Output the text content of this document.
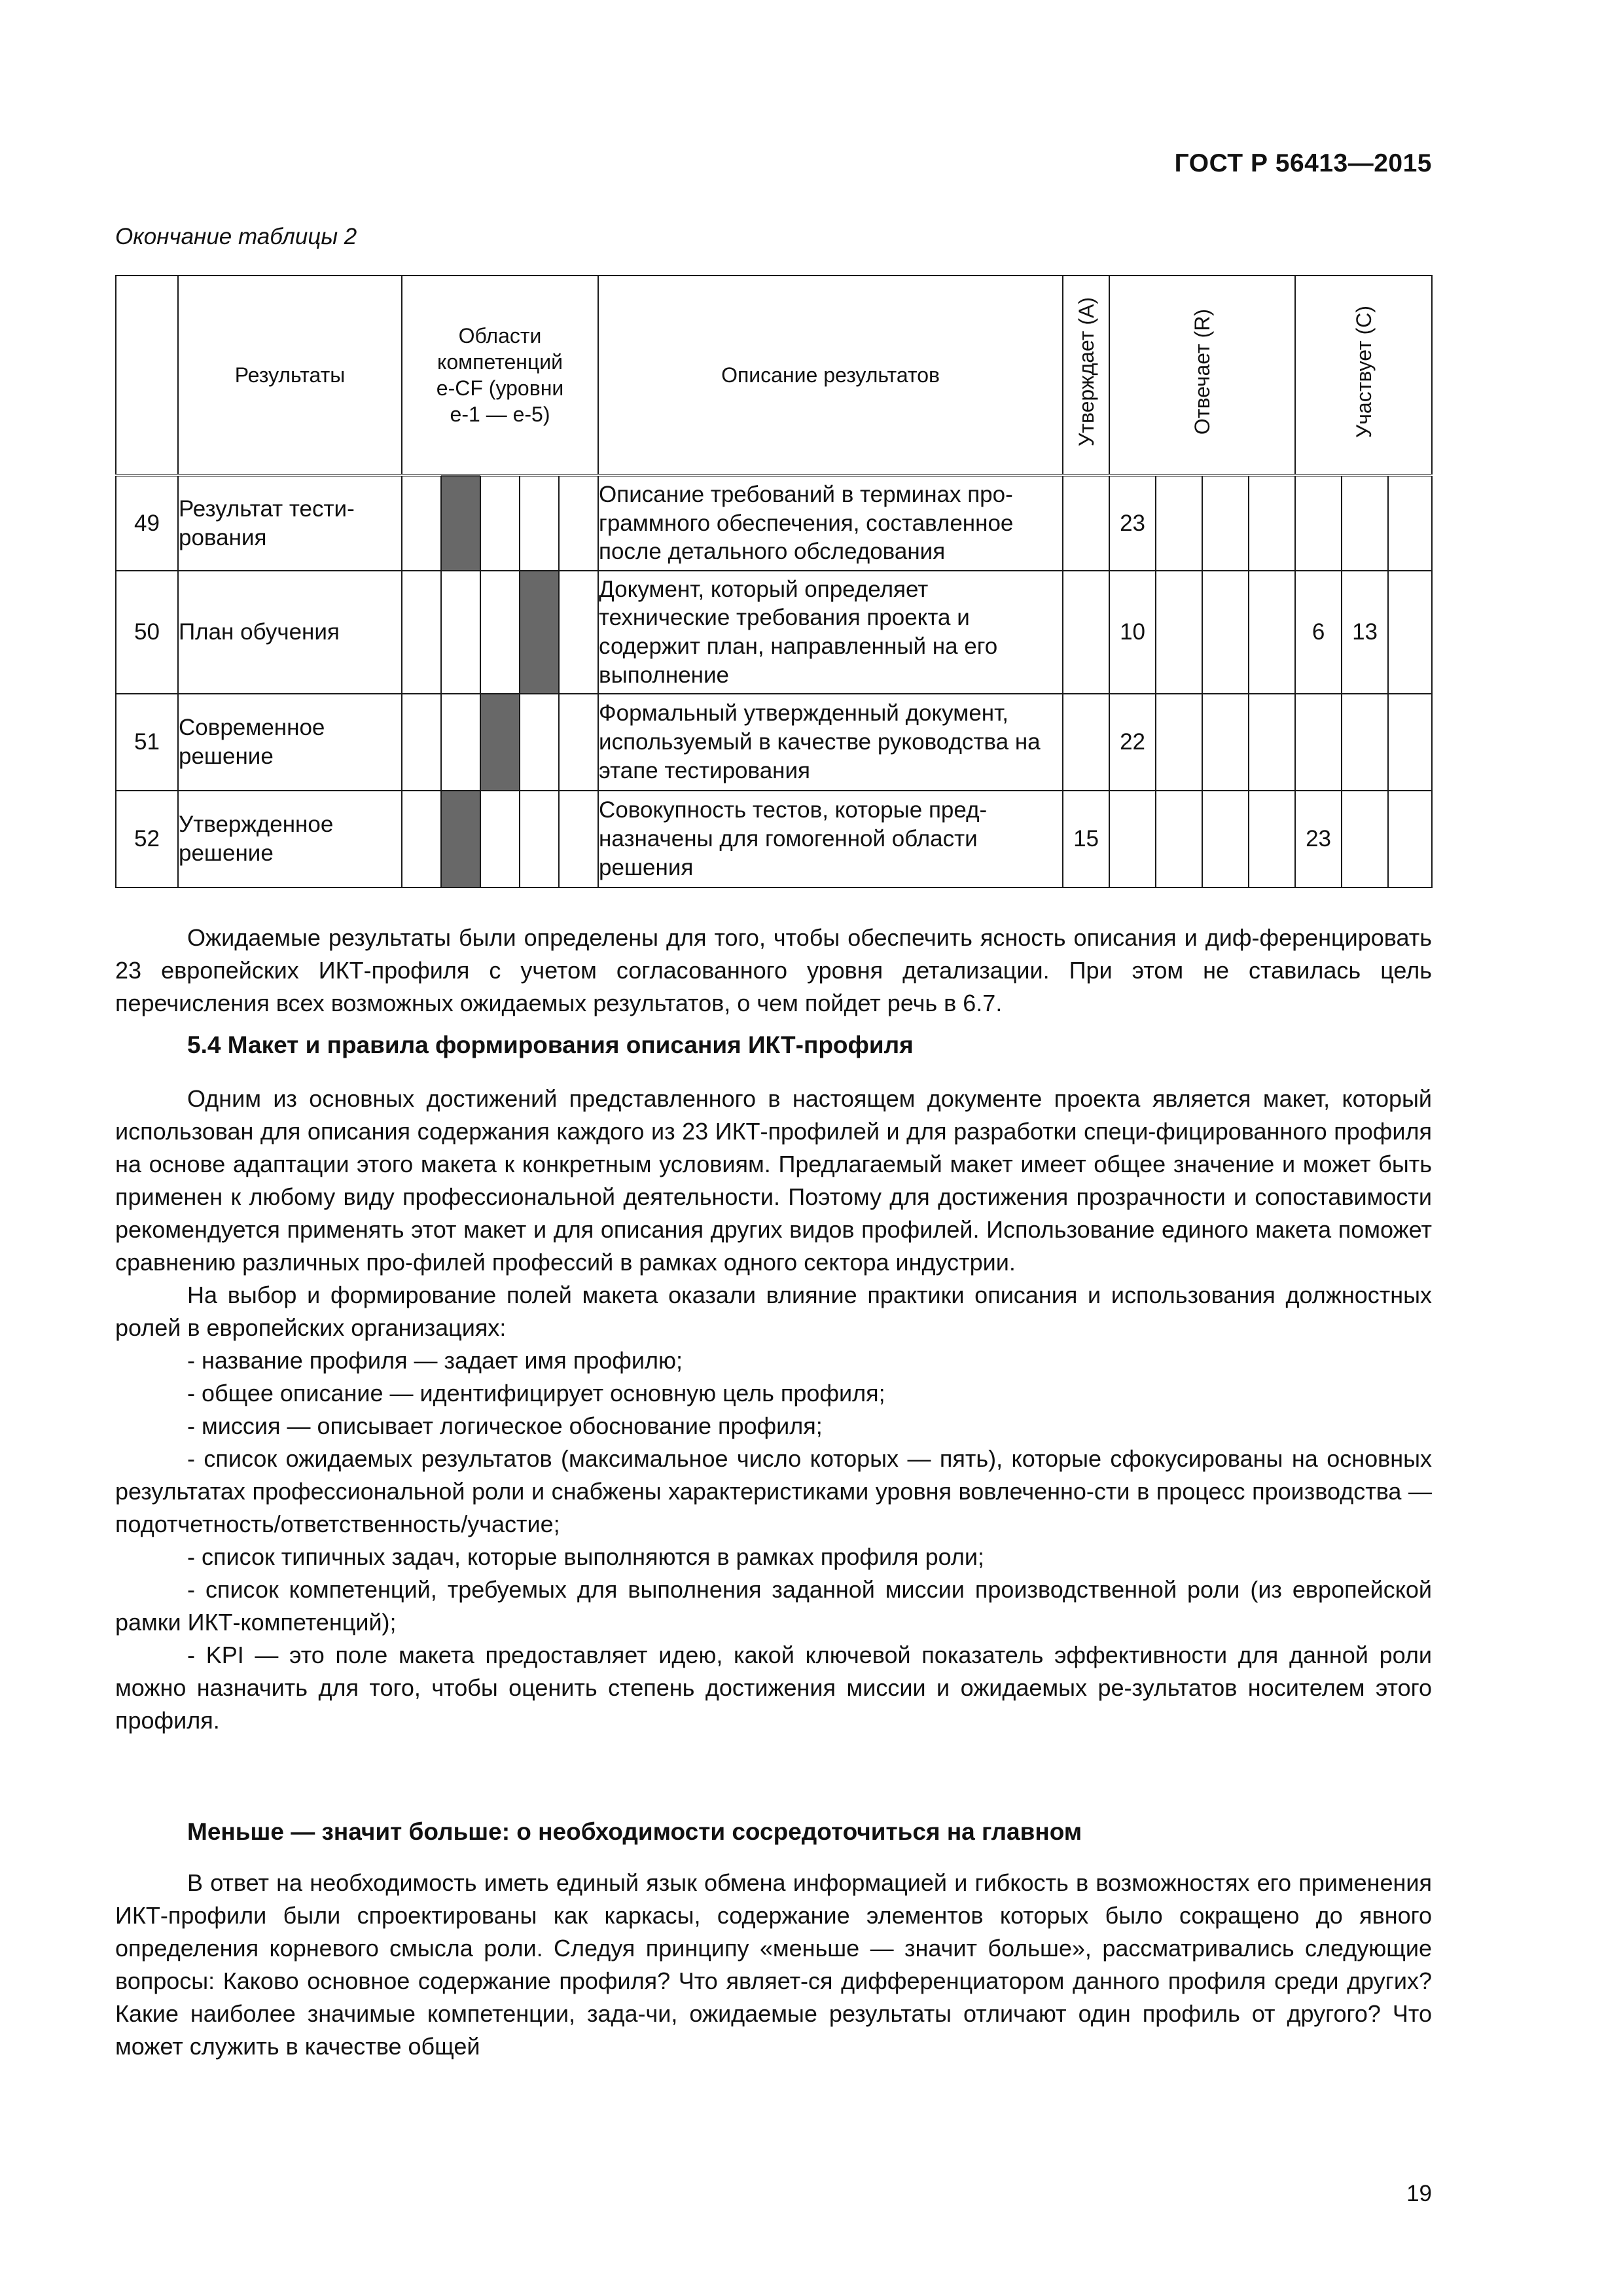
ГОСТ Р 56413—2015
Окончание таблицы 2
	Результаты	Области компетенций e-CF (уровни e-1 — e-5)					Описание результатов	Утверждает (A)	Отвечает (R)				Участвует (C)		
49	Результат тести-рования						Описание требований в терминах про-граммного обеспечения, составленное после детального обследования		23						
50	План обучения						Документ, который определяет технические требования проекта и содержит план, направленный на его выполнение		10				6	13	
51	Современное решение						Формальный утвержденный документ, используемый в качестве руководства на этапе тестирования		22						
52	Утвержденное решение						Совокупность тестов, которые пред-назначены для гомогенной области решения	15					23		

Ожидаемые результаты были определены для того, чтобы обеспечить ясность описания и диф-ференцировать 23 европейских ИКТ-профиля с учетом согласованного уровня детализации. При этом не ставилась цель перечисления всех возможных ожидаемых результатов, о чем пойдет речь в 6.7.

5.4 Макет и правила формирования описания ИКТ-профиля

Одним из основных достижений представленного в настоящем документе проекта является макет, который использован для описания содержания каждого из 23 ИКТ-профилей и для разработки специ-фицированного профиля на основе адаптации этого макета к конкретным условиям. Предлагаемый макет имеет общее значение и может быть применен к любому виду профессиональной деятельности. Поэтому для достижения прозрачности и сопоставимости рекомендуется применять этот макет и для описания других видов профилей. Использование единого макета поможет сравнению различных про-филей профессий в рамках одного сектора индустрии.

На выбор и формирование полей макета оказали влияние практики описания и использования должностных ролей в европейских организациях:

- название профиля — задает имя профилю;

- общее описание — идентифицирует основную цель профиля;

- миссия — описывает логическое обоснование профиля;

- список ожидаемых результатов (максимальное число которых — пять), которые сфокусированы на основных результатах профессиональной роли и снабжены характеристиками уровня вовлеченно-сти в процесс производства — подотчетность/ответственность/участие;

- список типичных задач, которые выполняются в рамках профиля роли;

- список компетенций, требуемых для выполнения заданной миссии производственной роли (из европейской рамки ИКТ-компетенций);

- KPI — это поле макета предоставляет идею, какой ключевой показатель эффективности для данной роли можно назначить для того, чтобы оценить степень достижения миссии и ожидаемых ре-зультатов носителем этого профиля.

Меньше — значит больше: о необходимости сосредоточиться на главном

В ответ на необходимость иметь единый язык обмена информацией и гибкость в возможностях его применения ИКТ-профили были спроектированы как каркасы, содержание элементов которых было сокращено до явного определения корневого смысла роли. Следуя принципу «меньше — значит больше», рассматривались следующие вопросы: Каково основное содержание профиля? Что являет-ся дифференциатором данного профиля среди других? Какие наиболее значимые компетенции, зада-чи, ожидаемые результаты отличают один профиль от другого? Что может служить в качестве общей

19
